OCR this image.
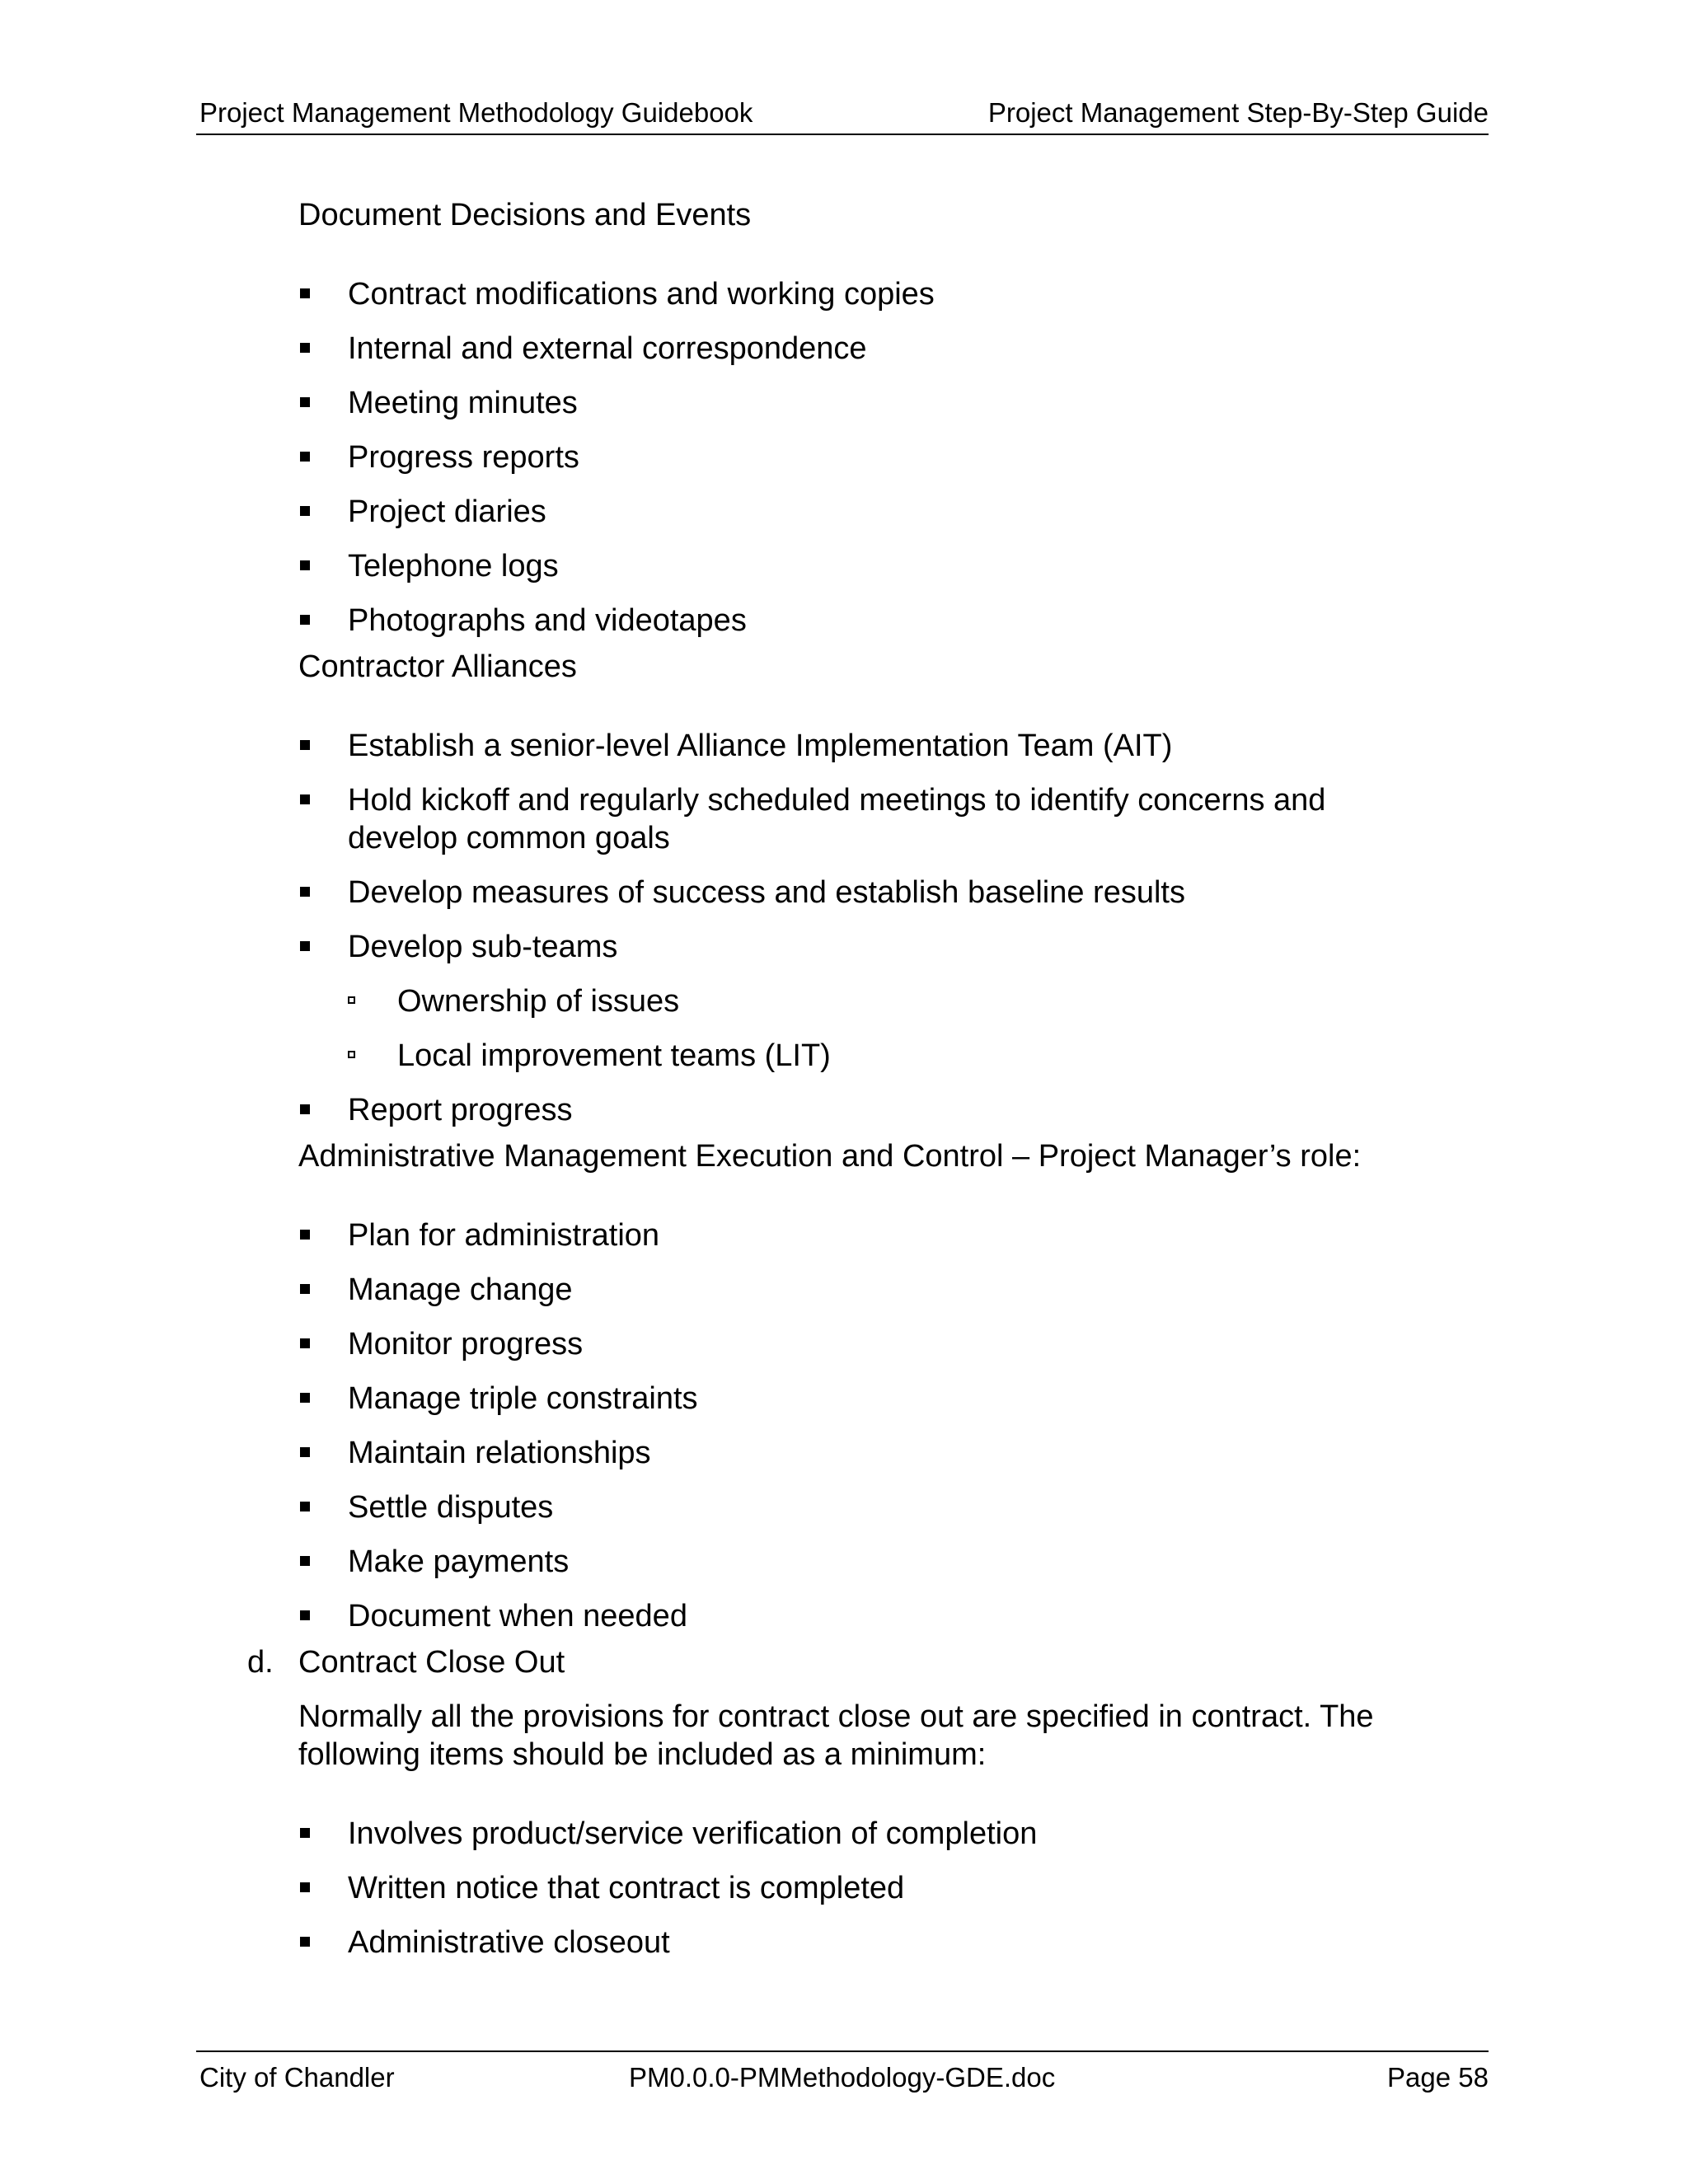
Project Management Methodology Guidebook	Project Management Step-By-Step Guide
Document Decisions and Events
Contract modifications and working copies
Internal and external correspondence
Meeting minutes
Progress reports
Project diaries
Telephone logs
Photographs and videotapes
Contractor Alliances
Establish a senior-level Alliance Implementation Team (AIT)
Hold kickoff and regularly scheduled meetings to identify concerns and develop common goals
Develop measures of success and establish baseline results
Develop sub-teams
Ownership of issues
Local improvement teams (LIT)
Report progress
Administrative Management Execution and Control – Project Manager’s role:
Plan for administration
Manage change
Monitor progress
Manage triple constraints
Maintain relationships
Settle disputes
Make payments
Document when needed
d. Contract Close Out
Normally all the provisions for contract close out are specified in contract. The following items should be included as a minimum:
Involves product/service verification of completion
Written notice that contract is completed
Administrative closeout
City of Chandler	PM0.0.0-PMMethodology-GDE.doc	Page 58
